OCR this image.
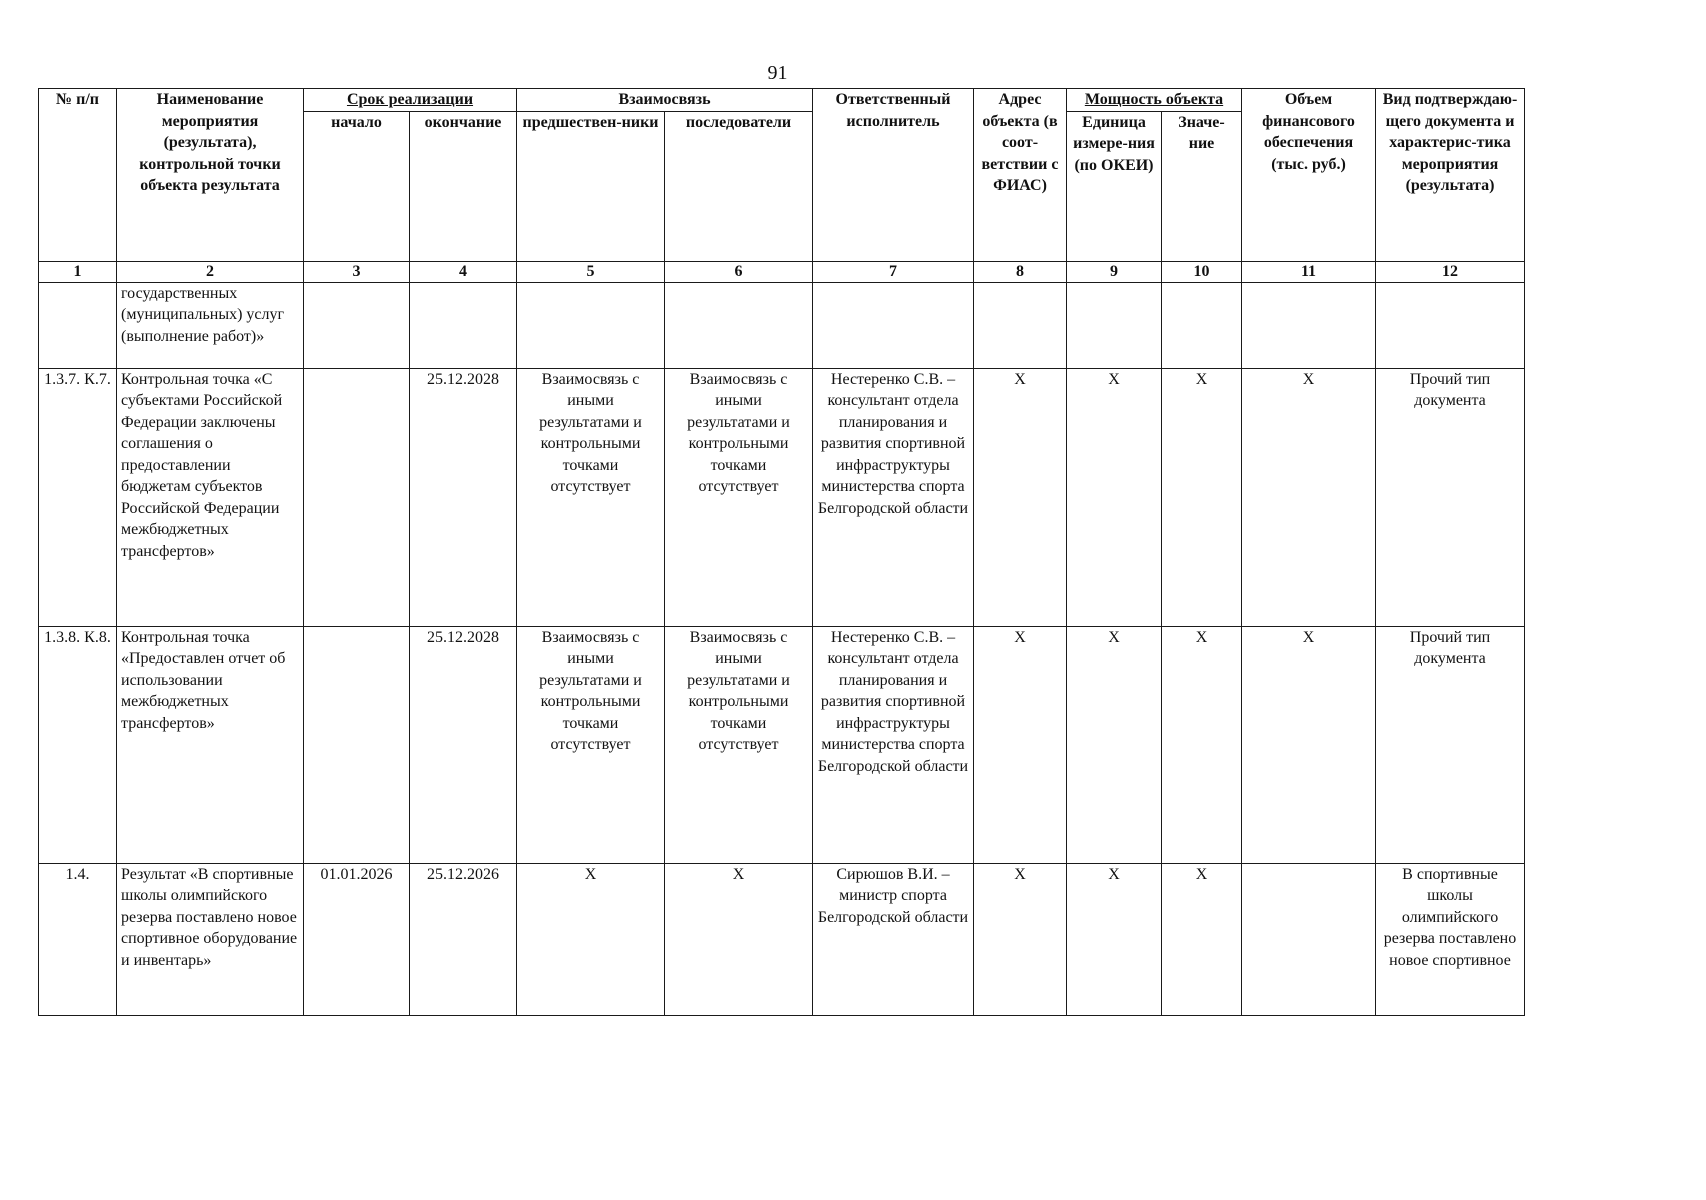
91
№ п/п	Наименование мероприятия (результата), контрольной точки объекта результата	Срок реализации		Взаимосвязь		Ответственный исполнитель	Адрес объекта (в соот-ветствии с ФИАС)	Мощность объекта		Объем финансового обеспечения (тыс. руб.)	Вид подтверждаю-щего документа и характерис-тика мероприятия (результата)
		начало	окончание	предшествен-ники	последователи			Единица измере-ния (по ОКЕИ)	Значе-ние		
1	2	3	4	5	6	7	8	9	10	11	12
	государственных (муниципальных) услуг (выполнение работ)»										
1.3.7. К.7.	Контрольная точка «С субъектами Российской Федерации заключены соглашения о предоставлении бюджетам субъектов Российской Федерации межбюджетных трансфертов»		25.12.2028	Взаимосвязь с иными результатами и контрольными точками отсутствует	Взаимосвязь с иными результатами и контрольными точками отсутствует	Нестеренко С.В. – консультант отдела планирования и развития спортивной инфраструктуры министерства спорта Белгородской области	X	X	X	X	Прочий тип документа
1.3.8. К.8.	Контрольная точка «Предоставлен отчет об использовании межбюджетных трансфертов»		25.12.2028	Взаимосвязь с иными результатами и контрольными точками отсутствует	Взаимосвязь с иными результатами и контрольными точками отсутствует	Нестеренко С.В. – консультант отдела планирования и развития спортивной инфраструктуры министерства спорта Белгородской области	X	X	X	X	Прочий тип документа
1.4.	Результат «В спортивные школы олимпийского резерва поставлено новое спортивное оборудование и инвентарь»	01.01.2026	25.12.2026	X	X	Сирюшов В.И. – министр спорта Белгородской области	X	X	X		В спортивные школы олимпийского резерва поставлено новое спортивное
